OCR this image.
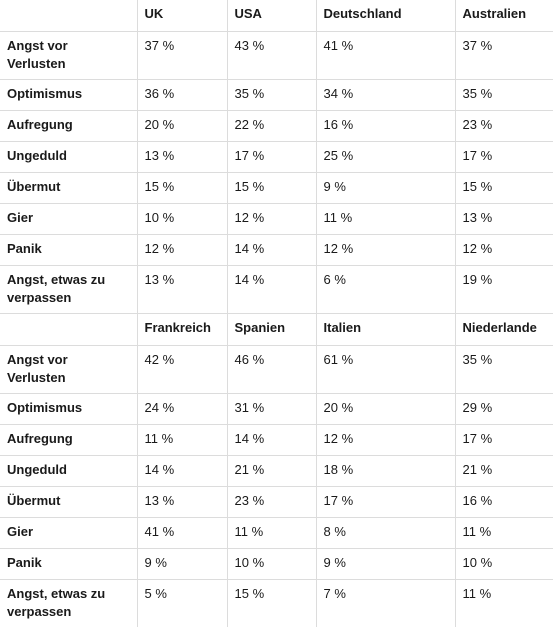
	UK	USA	Deutschland	Australien
Angst vor Verlusten	37 %	43 %	41 %	37 %
Optimismus	36 %	35 %	34 %	35 %
Aufregung	20 %	22 %	16 %	23 %
Ungeduld	13 %	17 %	25 %	17 %
Übermut	15 %	15 %	9 %	15 %
Gier	10 %	12 %	11 %	13 %
Panik	12 %	14 %	12 %	12 %
Angst, etwas zu verpassen	13 %	14 %	6 %	19 %
	Frankreich	Spanien	Italien	Niederlande
Angst vor Verlusten	42 %	46 %	61 %	35 %
Optimismus	24 %	31 %	20 %	29 %
Aufregung	11 %	14 %	12 %	17 %
Ungeduld	14 %	21 %	18 %	21 %
Übermut	13 %	23 %	17 %	16 %
Gier	41 %	11 %	8 %	11 %
Panik	9 %	10 %	9 %	10 %
Angst, etwas zu verpassen	5 %	15 %	7 %	11 %
